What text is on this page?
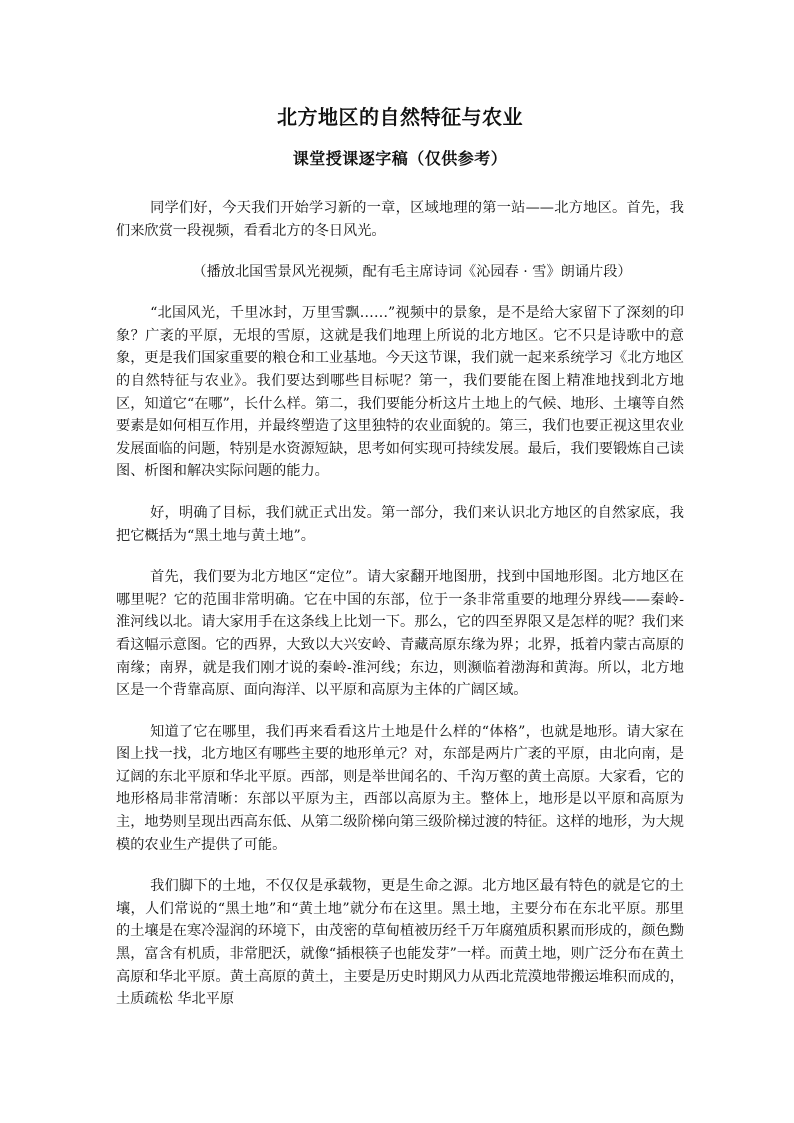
北方地区的自然特征与农业
课堂授课逐字稿（仅供参考）

同学们好，今天我们开始学习新的一章，区域地理的第一站——北方地区。首先，我们来欣赏一段视频，看看北方的冬日风光。

（播放北国雪景风光视频，配有毛主席诗词《沁园春 · 雪》朗诵片段）

“北国风光，千里冰封，万里雪飘……”视频中的景象，是不是给大家留下了深刻的印象？广袤的平原，无垠的雪原，这就是我们地理上所说的北方地区。它不只是诗歌中的意象，更是我们国家重要的粮仓和工业基地。今天这节课，我们就一起来系统学习《北方地区的自然特征与农业》。我们要达到哪些目标呢？第一，我们要能在图上精准地找到北方地区，知道它“在哪”，长什么样。第二，我们要能分析这片土地上的气候、地形、土壤等自然要素是如何相互作用，并最终塑造了这里独特的农业面貌的。第三，我们也要正视这里农业发展面临的问题，特别是水资源短缺，思考如何实现可持续发展。最后，我们要锻炼自己读图、析图和解决实际问题的能力。

好，明确了目标，我们就正式出发。第一部分，我们来认识北方地区的自然家底，我把它概括为“黑土地与黄土地”。

首先，我们要为北方地区“定位”。请大家翻开地图册，找到中国地形图。北方地区在哪里呢？它的范围非常明确。它在中国的东部，位于一条非常重要的地理分界线——秦岭-淮河线以北。请大家用手在这条线上比划一下。那么，它的四至界限又是怎样的呢？我们来看这幅示意图。它的西界，大致以大兴安岭、青藏高原东缘为界；北界，抵着内蒙古高原的南缘；南界，就是我们刚才说的秦岭-淮河线；东边，则濒临着渤海和黄海。所以，北方地区是一个背靠高原、面向海洋、以平原和高原为主体的广阔区域。

知道了它在哪里，我们再来看看这片土地是什么样的“体格”，也就是地形。请大家在图上找一找，北方地区有哪些主要的地形单元？对，东部是两片广袤的平原，由北向南，是辽阔的东北平原和华北平原。西部，则是举世闻名的、千沟万壑的黄土高原。大家看，它的地形格局非常清晰：东部以平原为主，西部以高原为主。整体上，地形是以平原和高原为主，地势则呈现出西高东低、从第二级阶梯向第三级阶梯过渡的特征。这样的地形，为大规模的农业生产提供了可能。

我们脚下的土地，不仅仅是承载物，更是生命之源。北方地区最有特色的就是它的土壤，人们常说的“黑土地”和“黄土地”就分布在这里。黑土地，主要分布在东北平原。那里的土壤是在寒冷湿润的环境下，由茂密的草甸植被历经千万年腐殖质积累而形成的，颜色黝黑，富含有机质，非常肥沃，就像“插根筷子也能发芽”一样。而黄土地，则广泛分布在黄土高原和华北平原。黄土高原的黄土，主要是历史时期风力从西北荒漠地带搬运堆积而成的，土质疏松 华北平原
